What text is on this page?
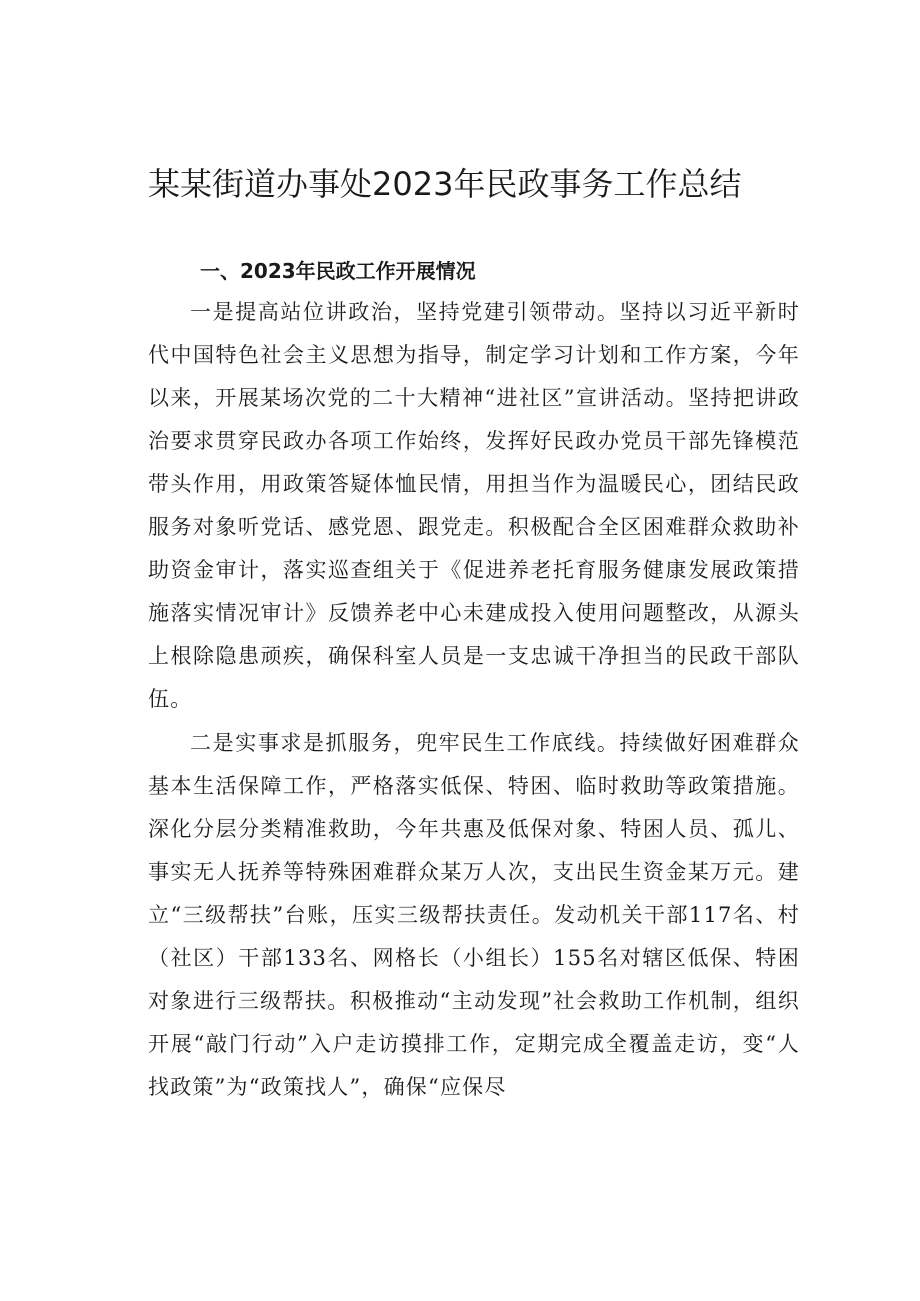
某某街道办事处2023年民政事务工作总结
一、2023年民政工作开展情况

一是提高站位讲政治，坚持党建引领带动。坚持以习近平新时代中国特色社会主义思想为指导，制定学习计划和工作方案，今年以来，开展某场次党的二十大精神“进社区”宣讲活动。坚持把讲政治要求贯穿民政办各项工作始终，发挥好民政办党员干部先锋模范带头作用，用政策答疑体恤民情，用担当作为温暖民心，团结民政服务对象听党话、感党恩、跟党走。积极配合全区困难群众救助补助资金审计，落实巡查组关于《促进养老托育服务健康发展政策措施落实情况审计》反馈养老中心未建成投入使用问题整改，从源头上根除隐患顽疾，确保科室人员是一支忠诚干净担当的民政干部队伍。

二是实事求是抓服务，兜牢民生工作底线。持续做好困难群众基本生活保障工作，严格落实低保、特困、临时救助等政策措施。深化分层分类精准救助，今年共惠及低保对象、特困人员、孤儿、事实无人抚养等特殊困难群众某万人次，支出民生资金某万元。建立“三级帮扶”台账，压实三级帮扶责任。发动机关干部117名、村（社区）干部133名、网格长（小组长）155名对辖区低保、特困对象进行三级帮扶。积极推动“主动发现”社会救助工作机制，组织开展“敲门行动”入户走访摸排工作，定期完成全覆盖走访，变“人找政策”为“政策找人”，确保“应保尽
